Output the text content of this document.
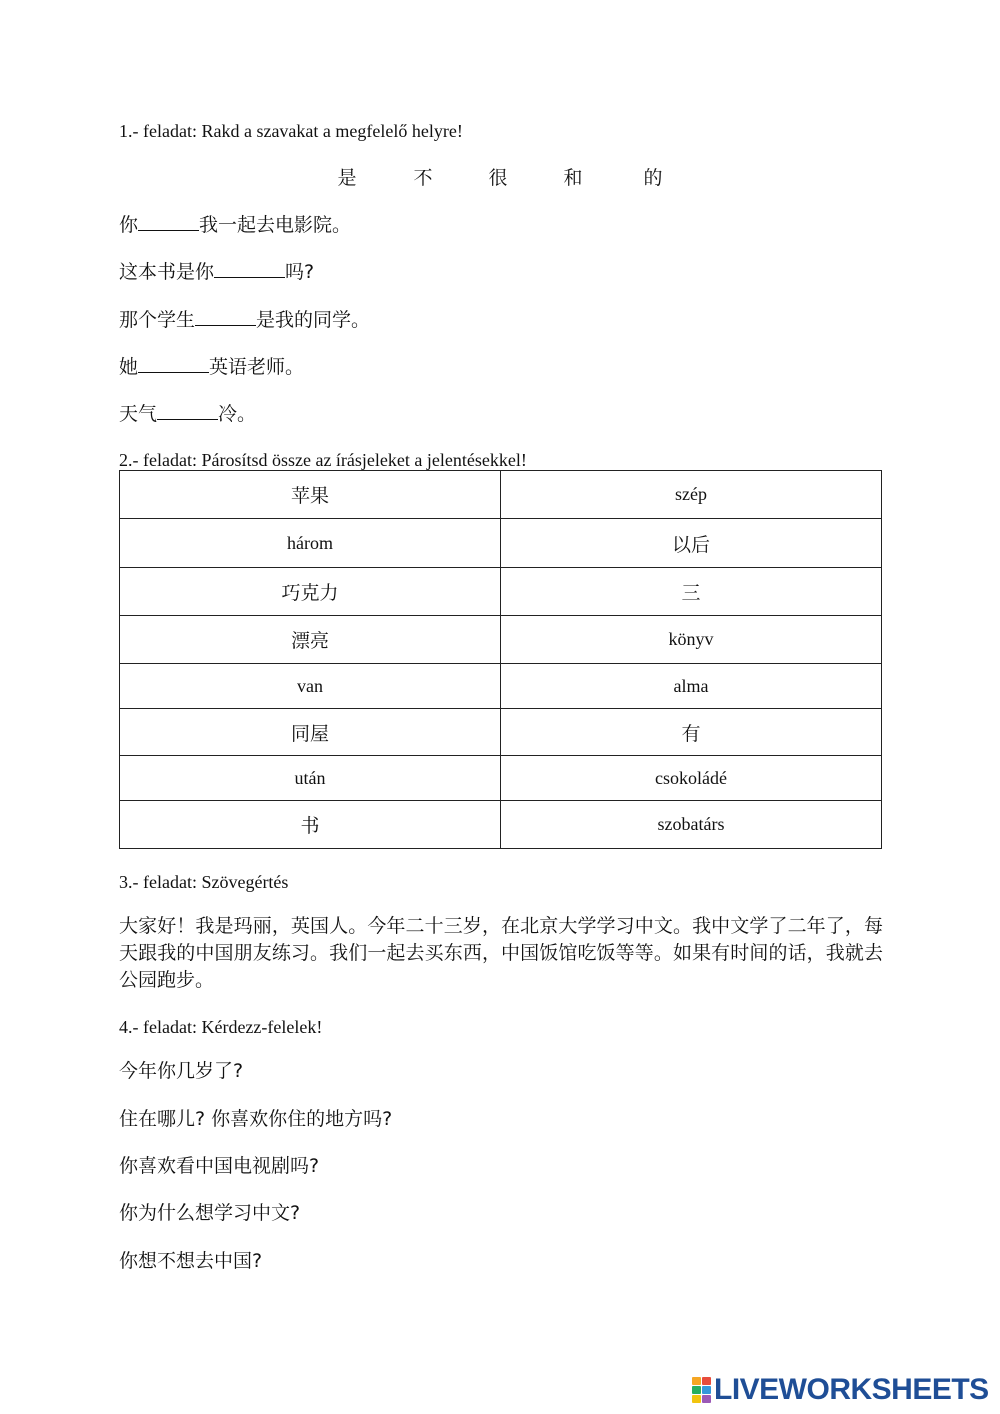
1.- feladat: Rakd a szavakat a megfelelő helyre!
是	不	很	和	的
你	我一起去电影院。
这本书是你	吗?
那个学生	是我的同学。
她	英语老师。
天气	冷。
2.- feladat: Párosítsd össze az írásjeleket a jelentésekkel!
苹果	szép
három	以后
巧克力	三
漂亮	könyv
van	alma
同屋	有
után	csokoládé
书	szobatárs
3.- feladat: Szövegértés
大家好！我是玛丽，英国人。今年二十三岁，在北京大学学习中文。我中文学了二年了，每天跟我的中国朋友练习。我们一起去买东西，中国饭馆吃饭等等。如果有时间的话，我就去公园跑步。
4.- feladat: Kérdezz-felelek!
今年你几岁了?
住在哪儿? 你喜欢你住的地方吗?
你喜欢看中国电视剧吗?
你为什么想学习中文?
你想不想去中国?
LIVEWORKSHEETS
